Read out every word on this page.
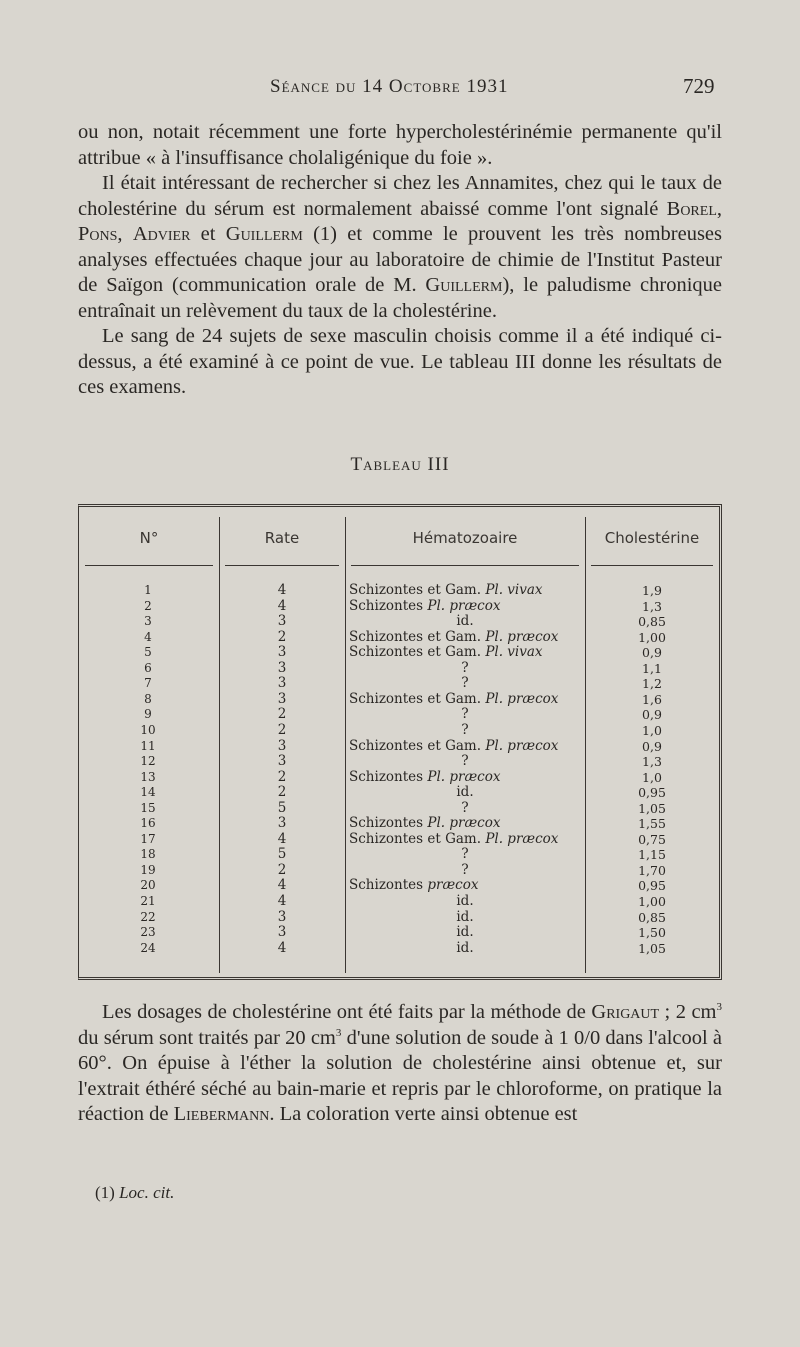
Séance du 14 Octobre 1931	729

ou non, notait récemment une forte hypercholestérinémie permanente qu'il attribue « à l'insuffisance cholaligénique du foie ».

Il était intéressant de rechercher si chez les Annamites, chez qui le taux de cholestérine du sérum est normalement abaissé comme l'ont signalé Borel, Pons, Advier et Guillerm (1) et comme le prouvent les très nombreuses analyses effectuées chaque jour au laboratoire de chimie de l'Institut Pasteur de Saïgon (communication orale de M. Guillerm), le paludisme chronique entraînait un relèvement du taux de la cholestérine.

Le sang de 24 sujets de sexe masculin choisis comme il a été indiqué ci-dessus, a été examiné à ce point de vue. Le tableau III donne les résultats de ces examens.

Tableau III
N°	Rate	Hématozoaire	Cholestérine
1	4	Schizontes et Gam. Pl. vivax	1,9
2	4	Schizontes Pl. præcox	1,3
3	3	id.	0,85
4	2	Schizontes et Gam. Pl. præcox	1,00
5	3	Schizontes et Gam. Pl. vivax	0,9
6	3	?	1,1
7	3	?	1,2
8	3	Schizontes et Gam. Pl. præcox	1,6
9	2	?	0,9
10	2	?	1,0
11	3	Schizontes et Gam. Pl. præcox	0,9
12	3	?	1,3
13	2	Schizontes Pl. præcox	1,0
14	2	id.	0,95
15	5	?	1,05
16	3	Schizontes Pl. præcox	1,55
17	4	Schizontes et Gam. Pl. præcox	0,75
18	5	?	1,15
19	2	?	1,70
20	4	Schizontes præcox	0,95
21	4	id.	1,00
22	3	id.	0,85
23	3	id.	1,50
24	4	id.	1,05

Les dosages de cholestérine ont été faits par la méthode de Grigaut ; 2 $cm^3$ du sérum sont traités par 20 $cm^3$ d'une solution de soude à 1 0/0 dans l'alcool à 60°. On épuise à l'éther la solution de cholestérine ainsi obtenue et, sur l'extrait éthéré séché au bain-marie et repris par le chloroforme, on pratique la réaction de Liebermann. La coloration verte ainsi obtenue est

(1) Loc. cit.
